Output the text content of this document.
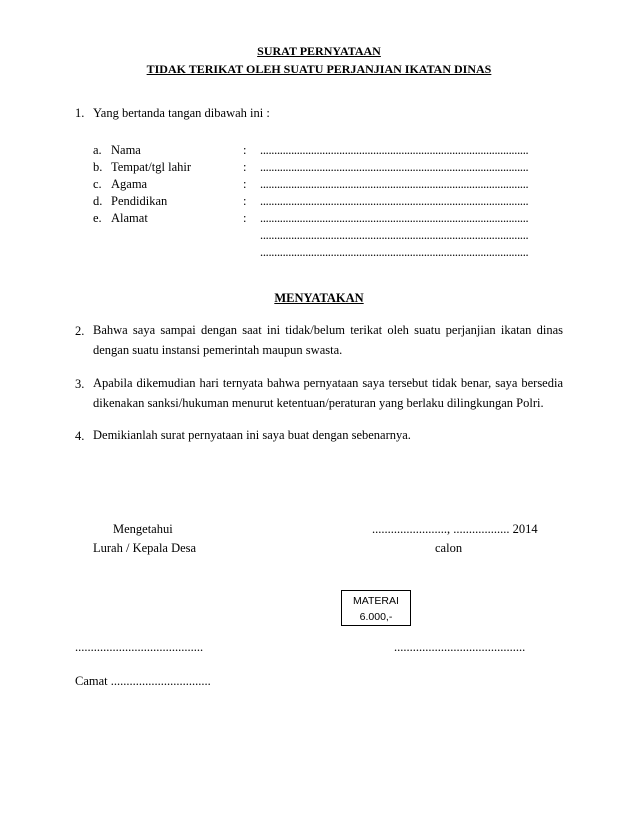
SURAT PERNYATAAN
TIDAK TERIKAT OLEH SUATU PERJANJIAN IKATAN DINAS
1. Yang bertanda tangan dibawah ini :
a. Nama	: ...............................................................................................
b. Tempat/tgl lahir	: ...............................................................................................
c. Agama	: ...............................................................................................
d. Pendidikan	: ...............................................................................................
e. Alamat	: ...............................................................................................
...............................................................................................
...............................................................................................
MENYATAKAN
2. Bahwa saya sampai dengan saat ini tidak/belum terikat oleh suatu perjanjian ikatan dinas dengan suatu instansi pemerintah maupun swasta.
3. Apabila dikemudian hari ternyata bahwa pernyataan saya tersebut tidak benar, saya bersedia dikenakan sanksi/hukuman menurut ketentuan/peraturan yang berlaku dilingkungan Polri.
4. Demikianlah surat pernyataan ini saya buat dengan sebenarnya.
Mengetahui
Lurah / Kepala Desa
........................, .................. 2014
calon
MATERAI
6.000,-
.........................................	..........................................
Camat ................................
